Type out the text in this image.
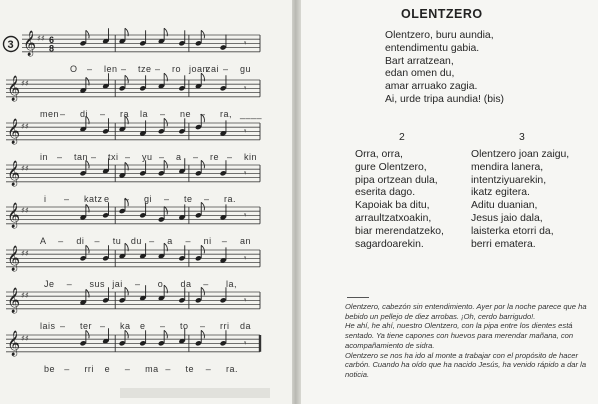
𝄞 ♯♯ 6
8	𝄾
𝄞 ♯♯
𝄾
𝄞 ♯♯
𝄾
𝄞 ♯♯
𝄾
𝄞 ♯♯
𝄾
𝄞 ♯♯
𝄾
𝄞 ♯♯
𝄾
𝄞 ♯♯
𝄾
3
O – len – tze – ro joan
zai – gu
men – di – ra la – ne – ra, ____
in – tan – txi – yu – a – re – kin
i – katz e – gi – te – ra.
A – di – tu du – a – ni – an
Je – sus jai – o da – la,
lais – ter – ka e – to – rri da
be – rri e – ma – te – ra.
OLENTZERO
Olentzero, buru aundia,
entendimentu gabia.
Bart arratzean,
edan omen du,
amar arruako zagia.
Ai, urde tripa aundia! (bis)
2
Orra, orra,
gure Olentzero,
pipa ortzean dula,
eserita dago.
Kapoiak ba ditu,
arraultzatxoakin,
biar merendatzeko,
sagardoarekin.
3
Olentzero joan zaigu,
mendira lanera,
intentziyuarekin,
ikatz egitera.
Aditu duanian,
Jesus jaio dala,
laisterka etorri da,
berri ematera.

Olentzero, cabezón sin entendimiento. Ayer por la noche parece que ha bebido un pellejo de diez arrobas. ¡Oh, cerdo barrigudo!.

He ahí, he ahí, nuestro Olentzero, con la pipa entre los dientes está sentado. Ya tiene capones con huevos para merendar mañana, con acompañamiento de sidra.

Olentzero se nos ha ido al monte a trabajar con el propósito de hacer carbón. Cuando ha oído que ha nacido Jesús, ha venido rápido a dar la noticia.
